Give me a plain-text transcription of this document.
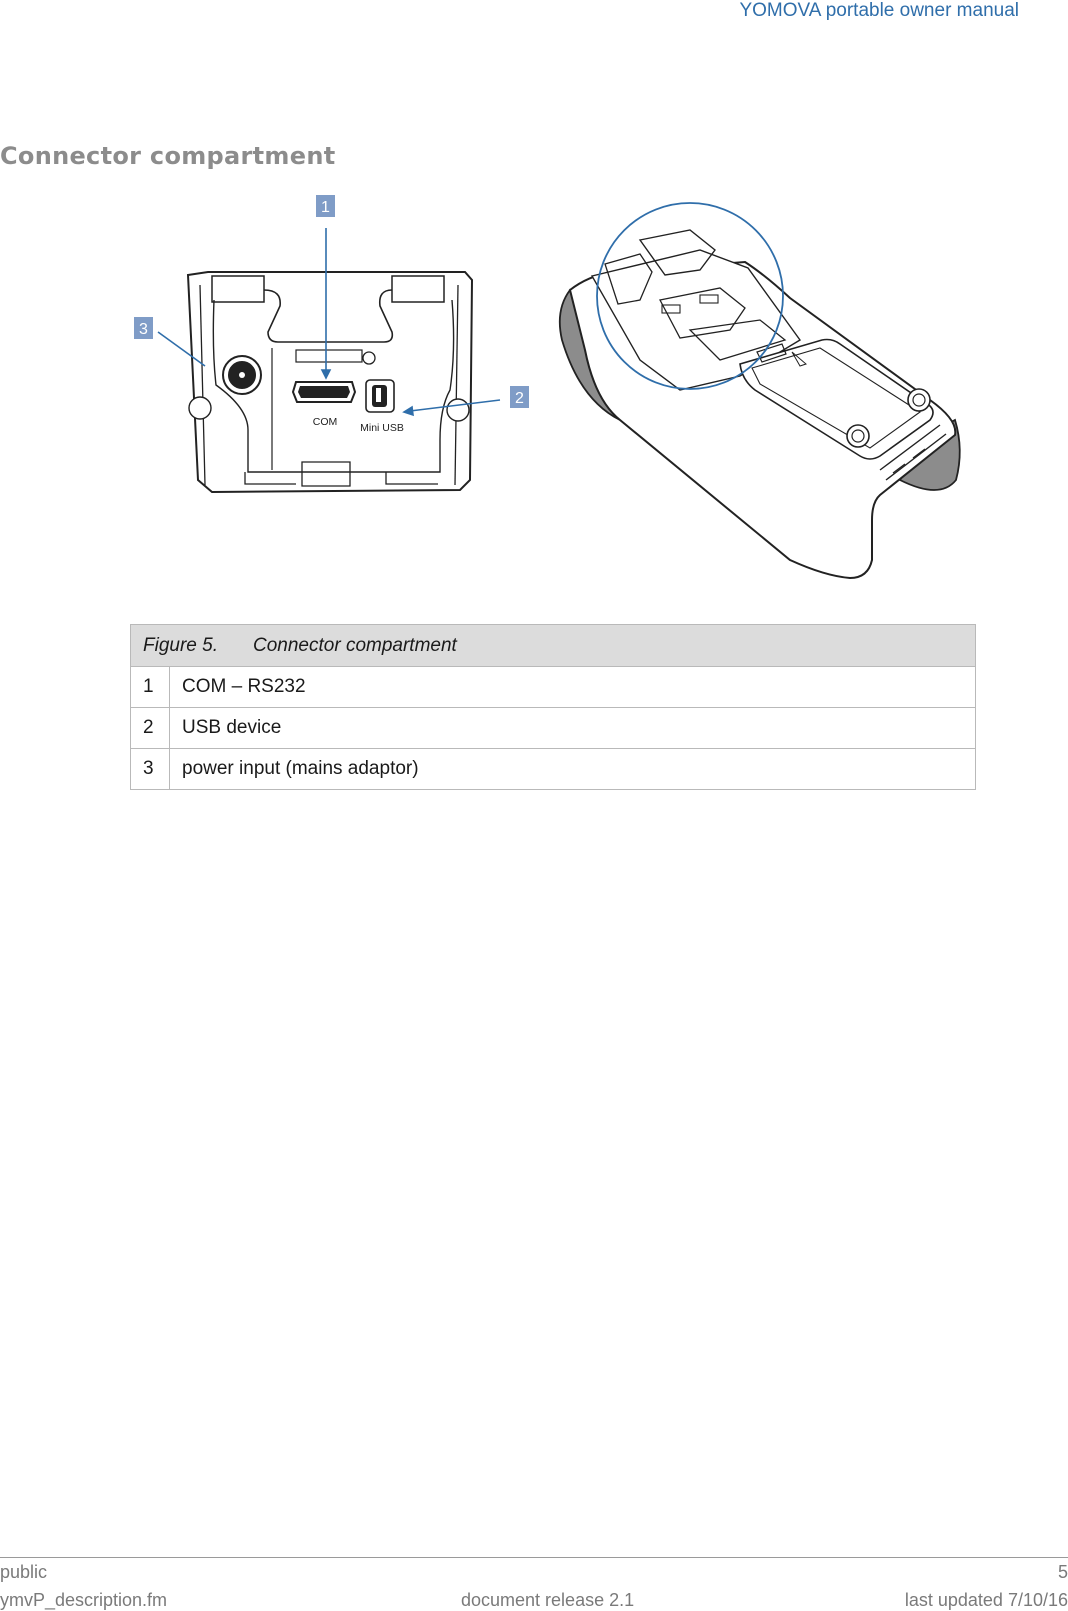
YOMOVA portable owner manual
Connector compartment
COM Mini USB
1
2
3
Figure 5. Connector compartment	
1	COM – RS232
2	USB device
3	power input (mains adaptor)
public	5
ymvP_description.fm	document release 2.1	last updated 7/10/16
